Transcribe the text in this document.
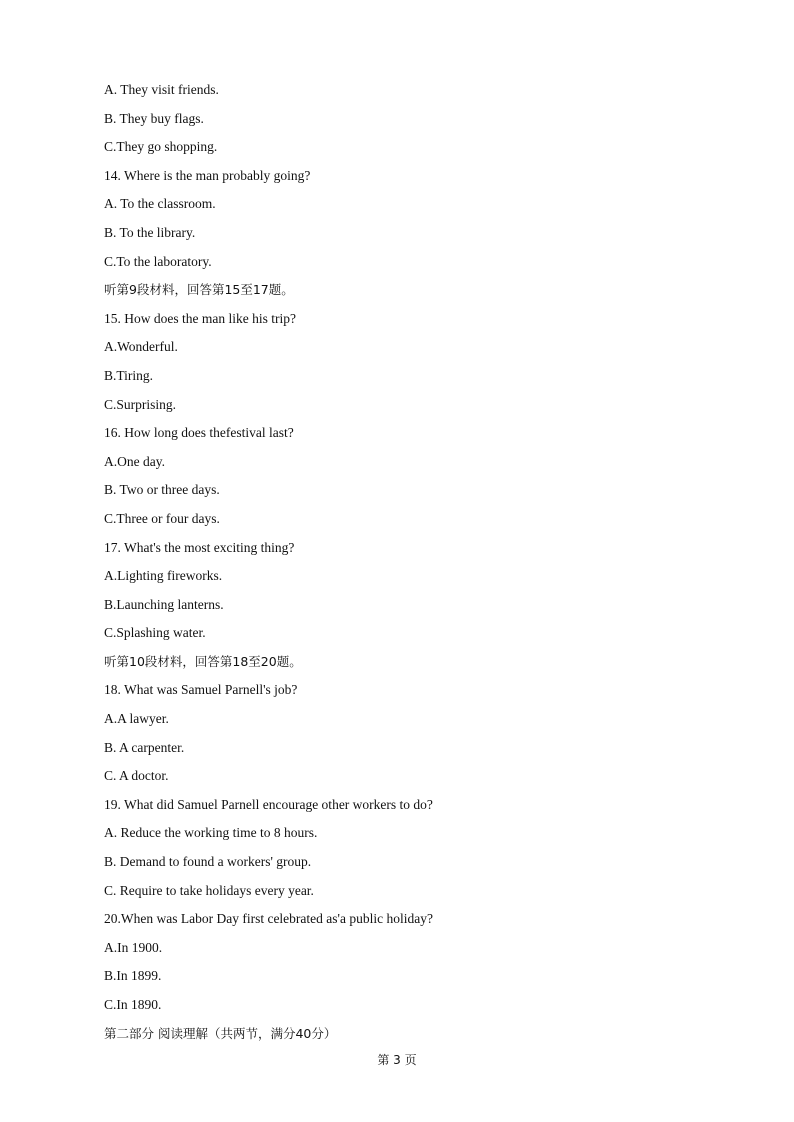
A. They visit friends.
B. They buy flags.
C.They go shopping.
14. Where is the man probably going?
A. To the classroom.
B. To the library.
C.To the laboratory.
听第9段材料，回答第15至17题。
15. How does the man like his trip?
A.Wonderful.
B.Tiring.
C.Surprising.
16. How long does thefestival last?
A.One day.
B. Two or three days.
C.Three or four days.
17. What's the most exciting thing?
A.Lighting fireworks.
B.Launching lanterns.
C.Splashing water.
听第10段材料，回答第18至20题。
18. What was Samuel Parnell's job?
A.A lawyer.
B. A carpenter.
C. A doctor.
19. What did Samuel Parnell encourage other workers to do?
A. Reduce the working time to 8 hours.
B. Demand to found a workers' group.
C. Require to take holidays every year.
20.When was Labor Day first celebrated as'a public holiday?
A.In 1900.
B.In 1899.
C.In 1890.
第二部分 阅读理解（共两节，满分40分）
第 3 页
